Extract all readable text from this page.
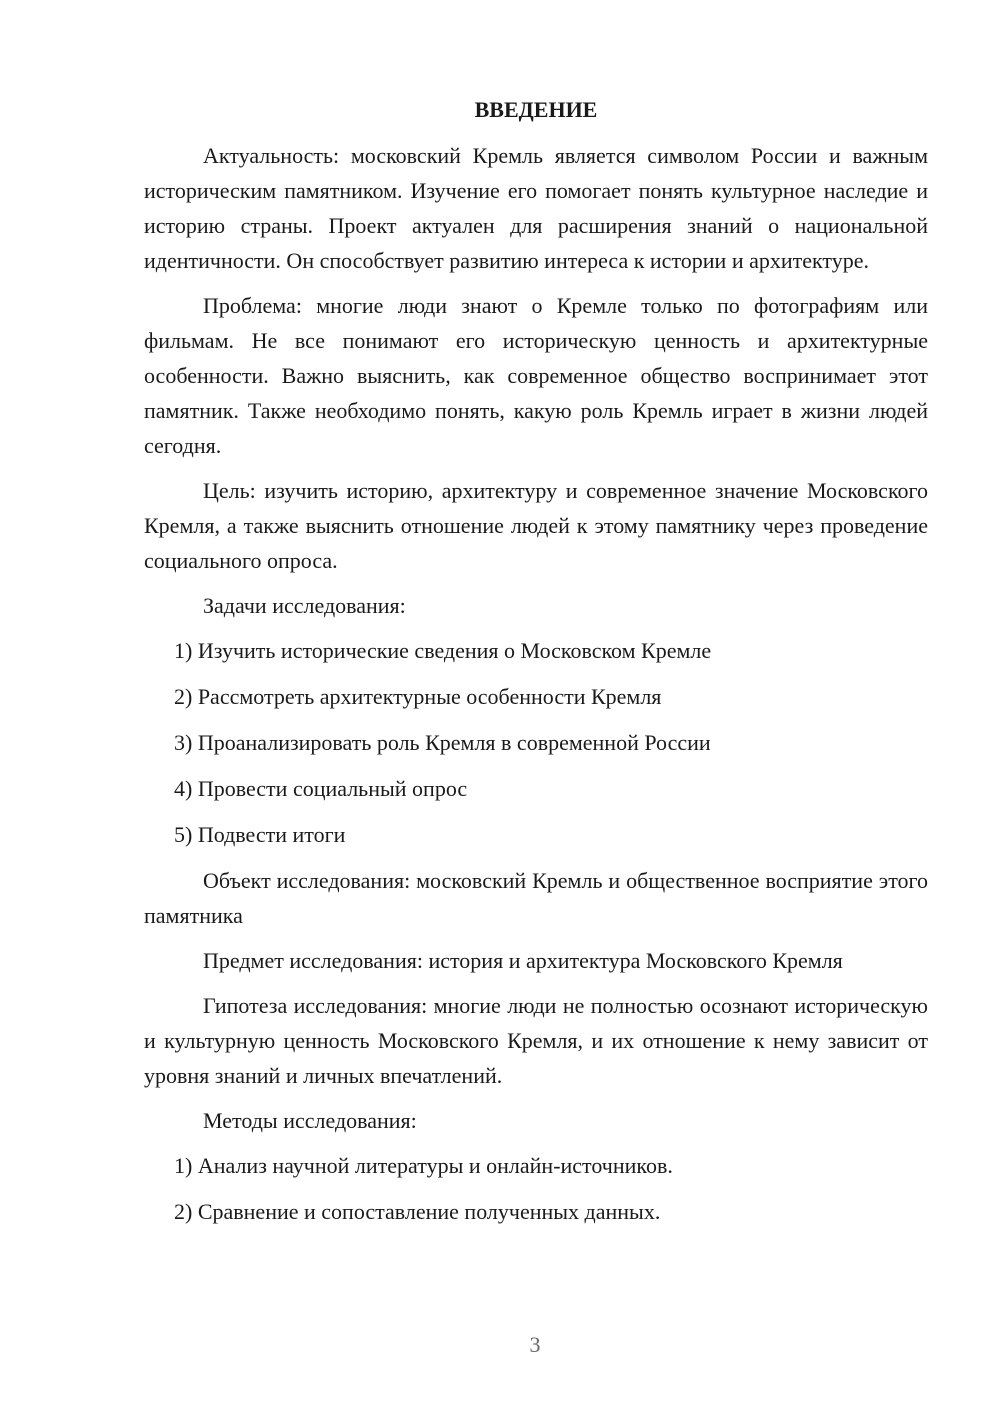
ВВЕДЕНИЕ

Актуальность: московский Кремль является символом России и важным историческим памятником. Изучение его помогает понять культурное наследие и историю страны. Проект актуален для расширения знаний о национальной идентичности. Он способствует развитию интереса к истории и архитектуре.

Проблема: многие люди знают о Кремле только по фотографиям или фильмам. Не все понимают его историческую ценность и архитектурные особенности. Важно выяснить, как современное общество воспринимает этот памятник. Также необходимо понять, какую роль Кремль играет в жизни людей сегодня.

Цель: изучить историю, архитектуру и современное значение Московского Кремля, а также выяснить отношение людей к этому памятнику через проведение социального опроса.

Задачи исследования:

1) Изучить исторические сведения о Московском Кремле
2) Рассмотреть архитектурные особенности Кремля
3) Проанализировать роль Кремля в современной России
4) Провести социальный опрос
5) Подвести итоги

Объект исследования: московский Кремль и общественное восприятие этого памятника

Предмет исследования: история и архитектура Московского Кремля

Гипотеза исследования: многие люди не полностью осознают историческую и культурную ценность Московского Кремля, и их отношение к нему зависит от уровня знаний и личных впечатлений.

Методы исследования:

1) Анализ научной литературы и онлайн-источников.
2) Сравнение и сопоставление полученных данных.
3
